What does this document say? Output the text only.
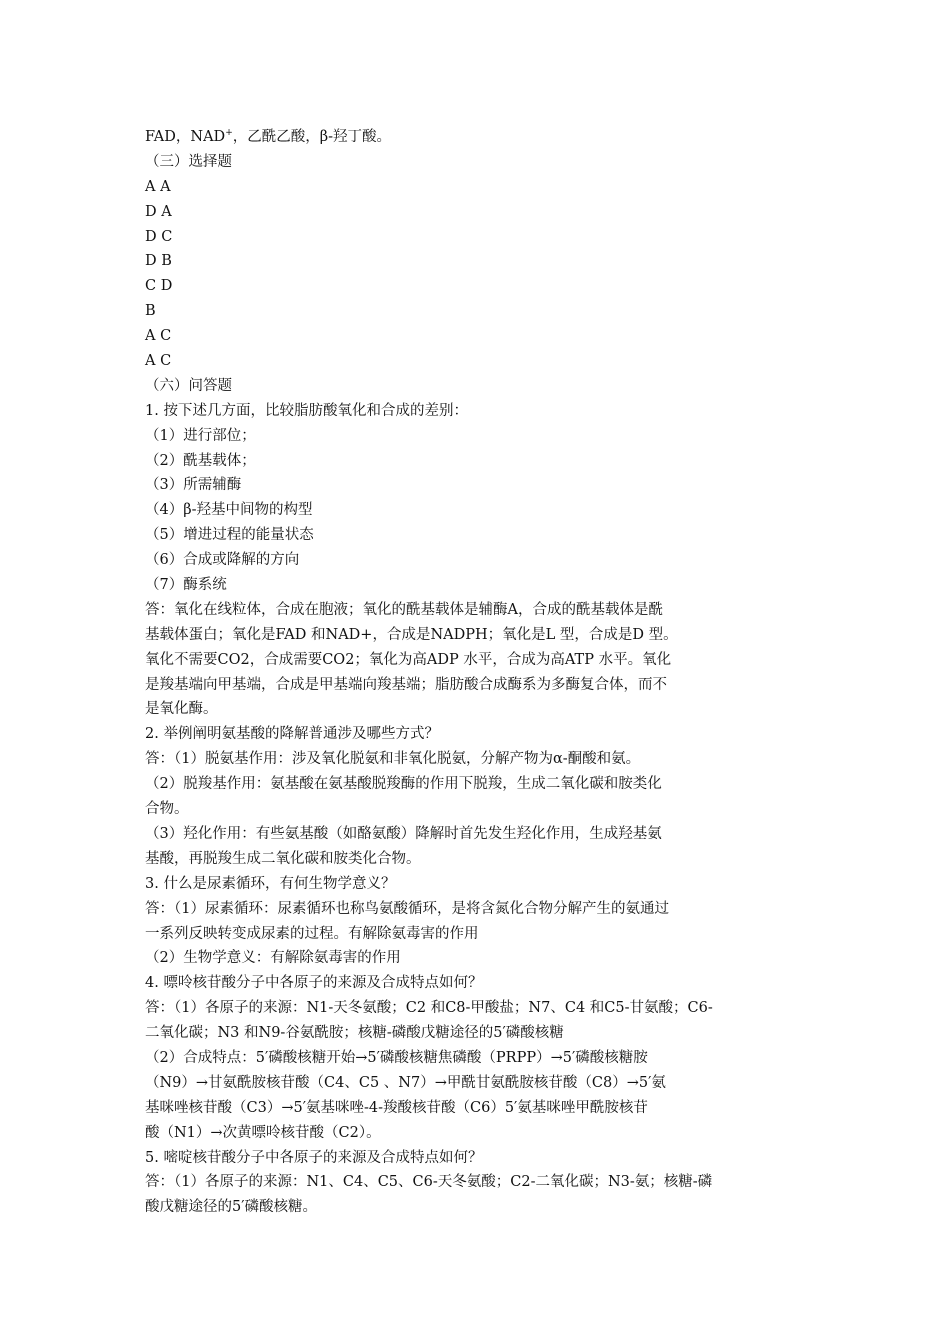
FAD，NAD+，乙酰乙酸，β-羟丁酸。
（三）选择题
A A
D A
D C
D B
C D
B
A C
A C
（六）问答题
1. 按下述几方面，比较脂肪酸氧化和合成的差别：
（1）进行部位；
（2）酰基载体；
（3）所需辅酶
（4）β-羟基中间物的构型
（5）增进过程的能量状态
（6）合成或降解的方向
（7）酶系统
答：氧化在线粒体，合成在胞液；氧化的酰基载体是辅酶A，合成的酰基载体是酰
基载体蛋白；氧化是FAD 和NAD+，合成是NADPH；氧化是L 型，合成是D 型。
氧化不需要CO2，合成需要CO2；氧化为高ADP 水平，合成为高ATP 水平。氧化
是羧基端向甲基端，合成是甲基端向羧基端；脂肪酸合成酶系为多酶复合体，而不
是氧化酶。
2. 举例阐明氨基酸的降解普通涉及哪些方式？
答：（1）脱氨基作用：涉及氧化脱氨和非氧化脱氨，分解产物为α-酮酸和氨。
（2）脱羧基作用：氨基酸在氨基酸脱羧酶的作用下脱羧，生成二氧化碳和胺类化
合物。
（3）羟化作用：有些氨基酸（如酪氨酸）降解时首先发生羟化作用，生成羟基氨
基酸，再脱羧生成二氧化碳和胺类化合物。
3. 什么是尿素循环，有何生物学意义？
答：（1）尿素循环：尿素循环也称鸟氨酸循环，是将含氮化合物分解产生的氨通过
一系列反映转变成尿素的过程。有解除氨毒害的作用
（2）生物学意义：有解除氨毒害的作用
4. 嘌呤核苷酸分子中各原子的来源及合成特点如何？
答：（1）各原子的来源：N1-天冬氨酸；C2 和C8-甲酸盐；N7、C4 和C5-甘氨酸；C6-
二氧化碳；N3 和N9-谷氨酰胺；核糖-磷酸戊糖途径的5′磷酸核糖
（2）合成特点：5′磷酸核糖开始→5′磷酸核糖焦磷酸（PRPP）→5′磷酸核糖胺
（N9）→甘氨酰胺核苷酸（C4、C5 、N7）→甲酰甘氨酰胺核苷酸（C8）→5′氨
基咪唑核苷酸（C3）→5′氨基咪唑-4-羧酸核苷酸（C6）5′氨基咪唑甲酰胺核苷
酸（N1）→次黄嘌呤核苷酸（C2）。
5. 嘧啶核苷酸分子中各原子的来源及合成特点如何？
答：（1）各原子的来源：N1、C4、C5、C6-天冬氨酸；C2-二氧化碳；N3-氨；核糖-磷
酸戊糖途径的5′磷酸核糖。
